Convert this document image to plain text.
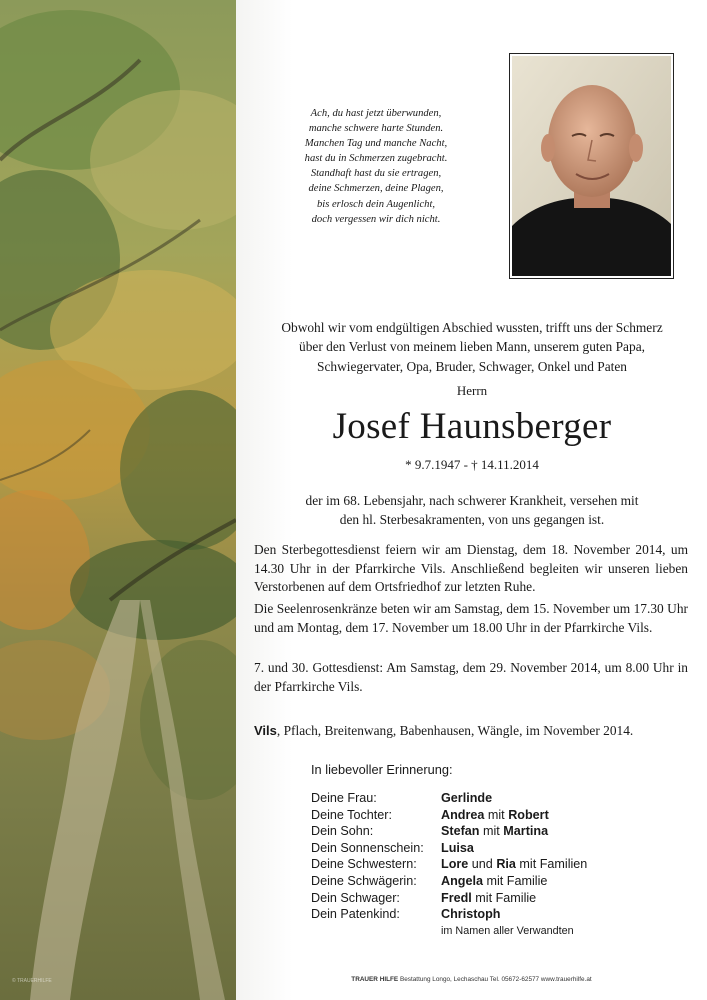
© TRAUERHILFE
Ach, du hast jetzt überwunden,
manche schwere harte Stunden.
Manchen Tag und manche Nacht,
hast du in Schmerzen zugebracht.
Standhaft hast du sie ertragen,
deine Schmerzen, deine Plagen,
bis erlosch dein Augenlicht,
doch vergessen wir dich nicht.
Obwohl wir vom endgültigen Abschied wussten, trifft uns der Schmerz
über den Verlust von meinem lieben Mann, unserem guten Papa,
Schwiegervater, Opa, Bruder, Schwager, Onkel und Paten
Herrn
Josef Haunsberger
* 9.7.1947 - † 14.11.2014
der im 68. Lebensjahr, nach schwerer Krankheit, versehen mit
den hl. Sterbesakramenten, von uns gegangen ist.
Den Sterbegottesdienst feiern wir am Dienstag, dem 18. November 2014, um 14.30 Uhr in der Pfarrkirche Vils. Anschließend begleiten wir unseren lieben Verstorbenen auf dem Ortsfriedhof zur letzten Ruhe.
Die Seelenrosenkränze beten wir am Samstag, dem 15. November um 17.30 Uhr und am Montag, dem 17. November um 18.00 Uhr in der Pfarrkirche Vils.
7. und 30. Gottesdienst: Am Samstag, dem 29. November 2014, um 8.00 Uhr in der Pfarrkirche Vils.
Vils, Pflach, Breitenwang, Babenhausen, Wängle, im November 2014.
In liebevoller Erinnerung:
Deine Frau:	Gerlinde
Deine Tochter:	Andrea mit Robert
Dein Sohn:	Stefan mit Martina
Dein Sonnenschein:	Luisa
Deine Schwestern:	Lore und Ria mit Familien
Deine Schwägerin:	Angela mit Familie
Dein Schwager:	Fredl mit Familie
Dein Patenkind:	Christoph
im Namen aller Verwandten
TRAUER HILFE Bestattung Longo, Lechaschau Tel. 05672-62577 www.trauerhilfe.at
